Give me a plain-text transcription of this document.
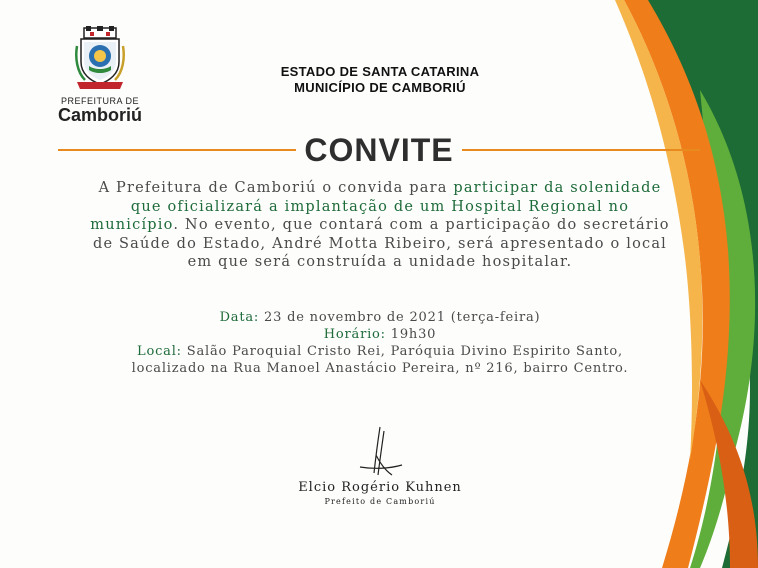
PREFEITURA DE
Camboriú
ESTADO DE SANTA CATARINA
MUNICÍPIO DE CAMBORIÚ
CONVITE
A Prefeitura de Camboriú o convida para participar da solenidade que oficializará a implantação de um Hospital Regional no município. No evento, que contará com a participação do secretário de Saúde do Estado, André Motta Ribeiro, será apresentado o local em que será construída a unidade hospitalar.
Data: 23 de novembro de 2021 (terça-feira)
Horário: 19h30
Local: Salão Paroquial Cristo Rei, Paróquia Divino Espirito Santo,
localizado na Rua Manoel Anastácio Pereira, nº 216, bairro Centro.
Elcio Rogério Kuhnen
Prefeito de Camboriú
